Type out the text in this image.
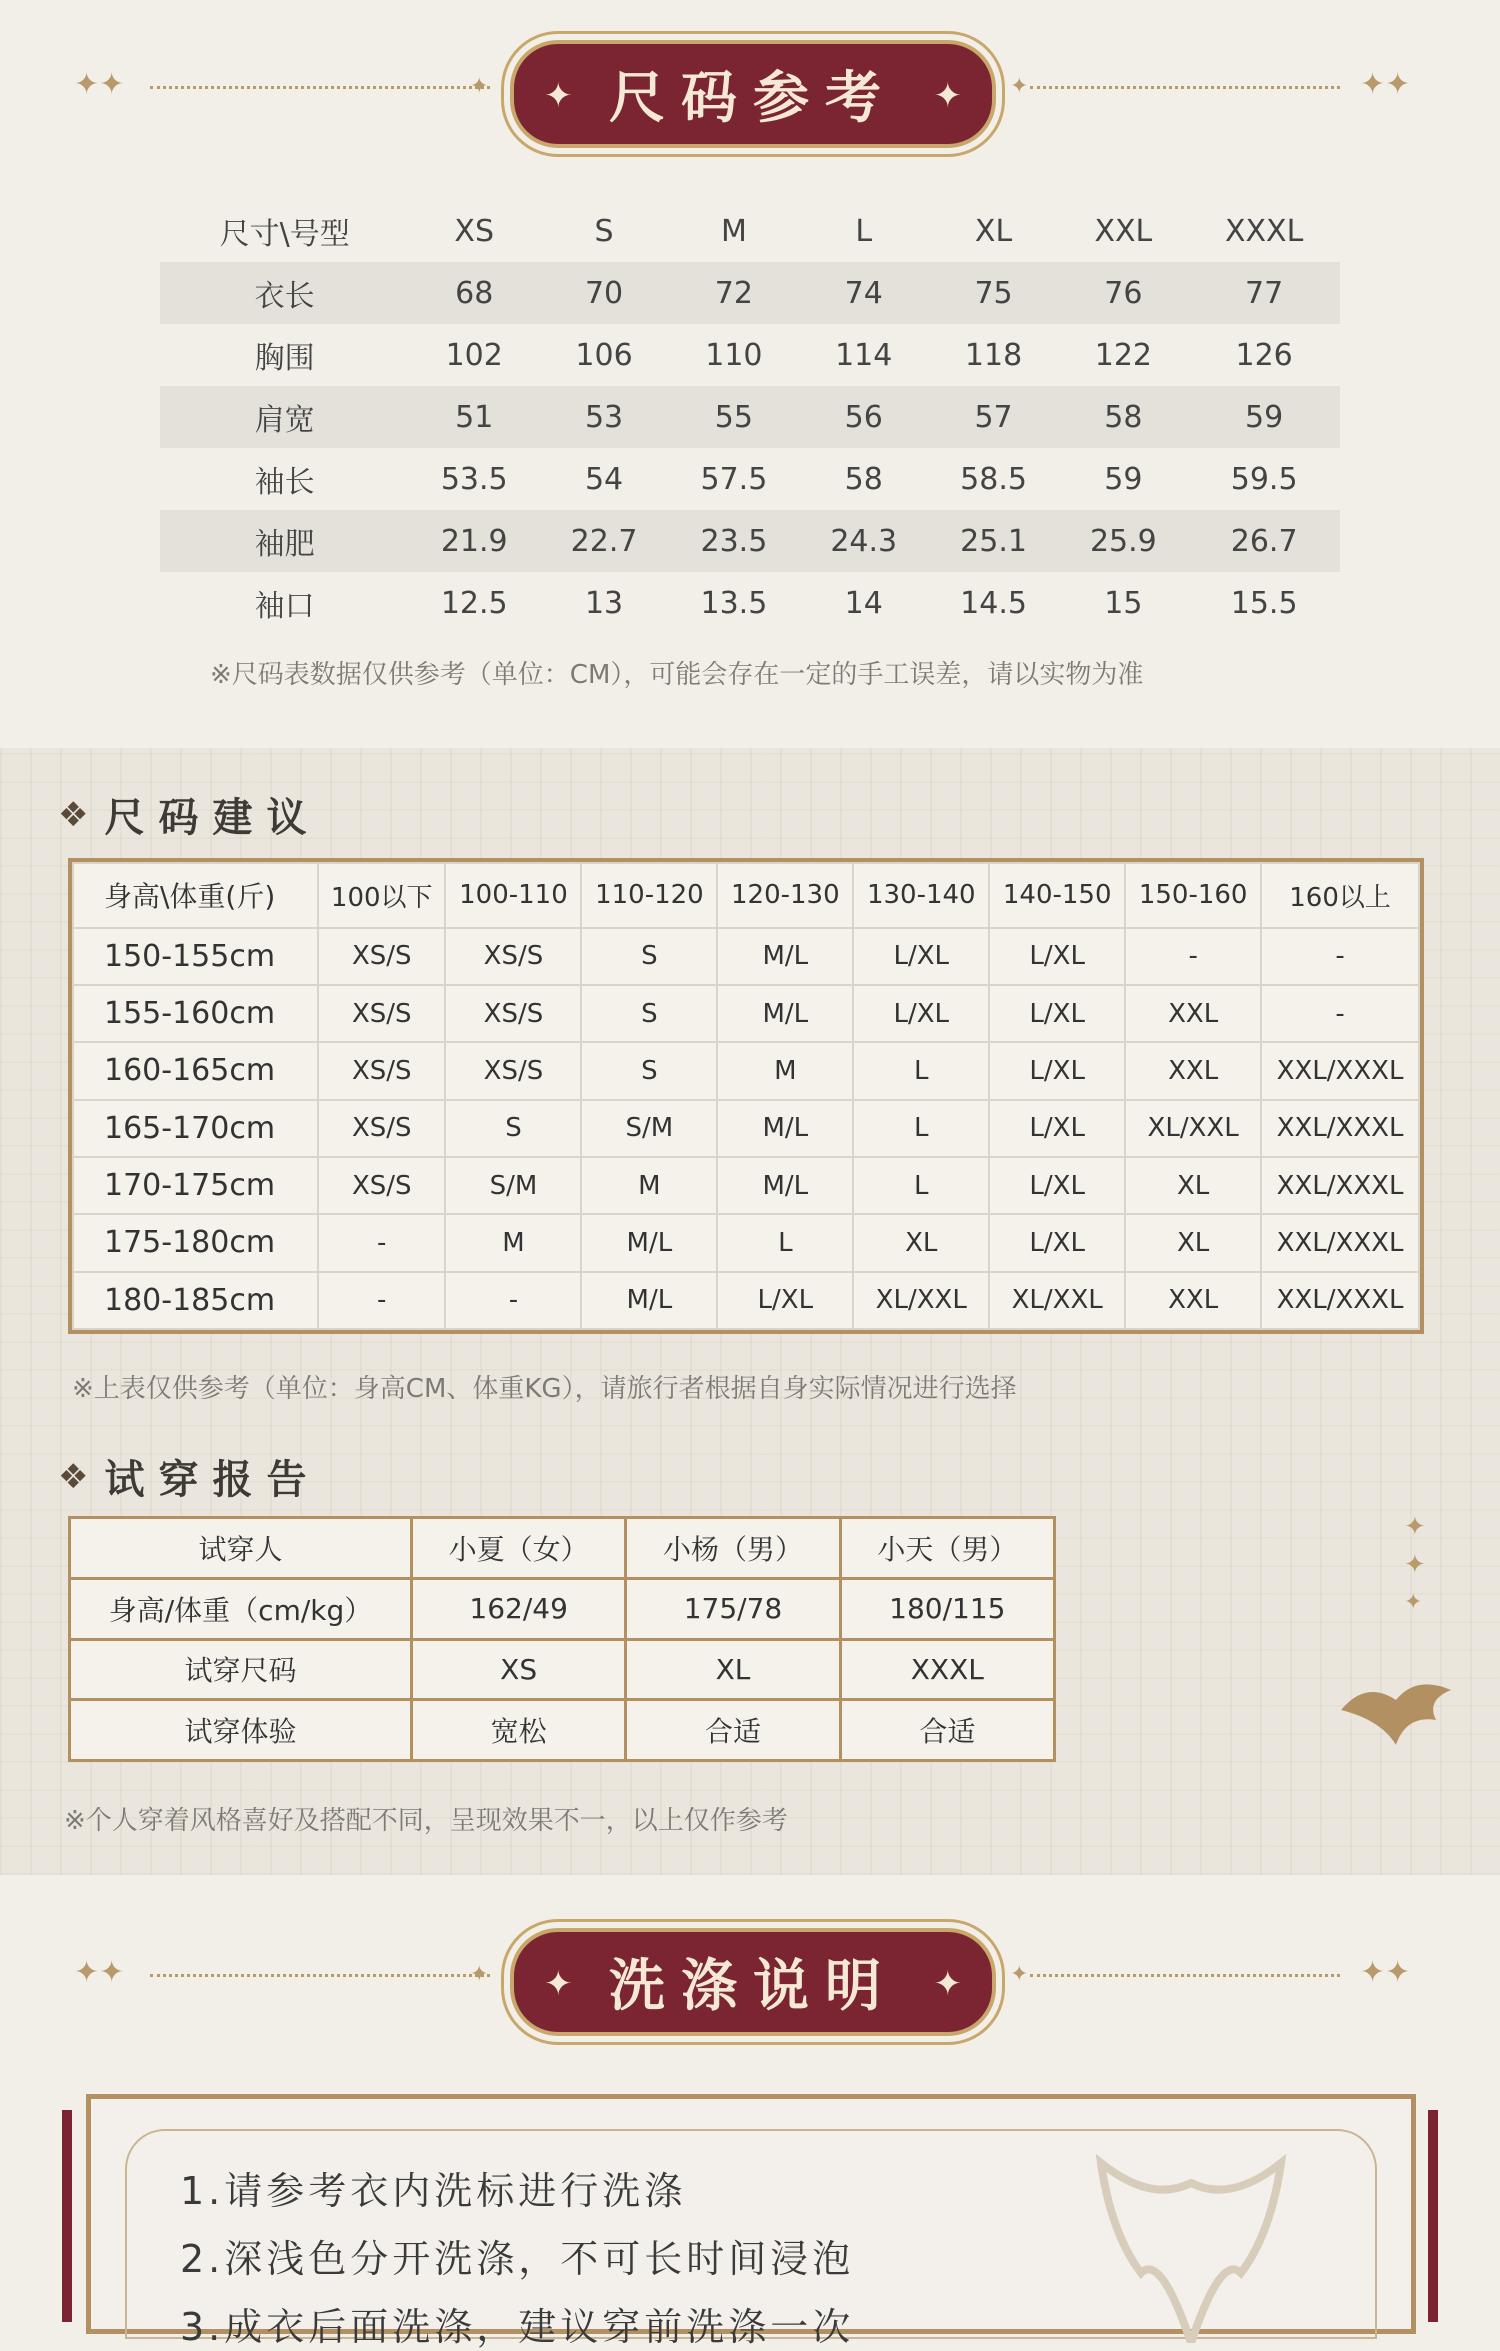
✦✦	✦ ✦ 尺码参考 ✦ ✦	✦✦
尺寸\号型	XS	S	M	L	XL	XXL	XXXL
衣长	68	70	72	74	75	76	77
胸围	102	106	110	114	118	122	126
肩宽	51	53	55	56	57	58	59
袖长	53.5	54	57.5	58	58.5	59	59.5
袖肥	21.9	22.7	23.5	24.3	25.1	25.9	26.7
袖口	12.5	13	13.5	14	14.5	15	15.5
※尺码表数据仅供参考（单位：CM），可能会存在一定的手工误差，请以实物为准
❖ 尺码建议
身高\体重(斤)	100以下	100-110	110-120	120-130	130-140	140-150	150-160	160以上
150-155cm	XS/S	XS/S	S	M/L	L/XL	L/XL	-	-
155-160cm	XS/S	XS/S	S	M/L	L/XL	L/XL	XXL	-
160-165cm	XS/S	XS/S	S	M	L	L/XL	XXL	XXL/XXXL
165-170cm	XS/S	S	S/M	M/L	L	L/XL	XL/XXL	XXL/XXXL
170-175cm	XS/S	S/M	M	M/L	L	L/XL	XL	XXL/XXXL
175-180cm	-	M	M/L	L	XL	L/XL	XL	XXL/XXXL
180-185cm	-	-	M/L	L/XL	XL/XXL	XL/XXL	XXL	XXL/XXXL
※上表仅供参考（单位：身高CM、体重KG），请旅行者根据自身实际情况进行选择
❖ 试穿报告
试穿人	小夏（女）	小杨（男）	小天（男）
身高/体重（cm/kg）	162/49	175/78	180/115
试穿尺码	XS	XL	XXXL
试穿体验	宽松	合适	合适
✦
✦
✦
※个人穿着风格喜好及搭配不同，呈现效果不一，以上仅作参考
✦✦	✦ ✦ 洗涤说明 ✦ ✦	✦✦
1.请参考衣内洗标进行洗涤
2.深浅色分开洗涤，不可长时间浸泡
3.成衣后面洗涤，建议穿前洗涤一次
